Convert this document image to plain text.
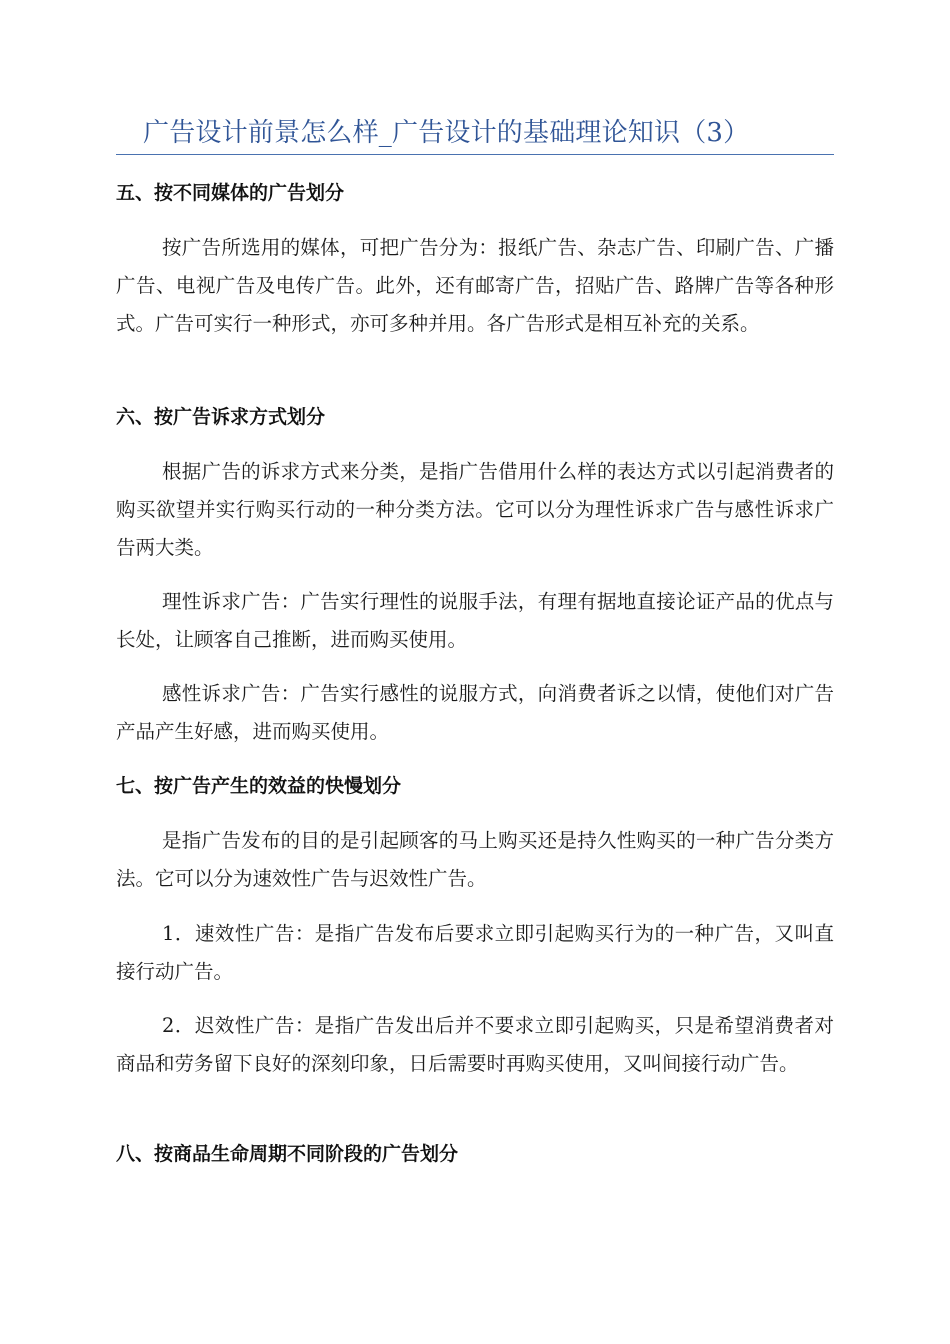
广告设计前景怎么样_广告设计的基础理论知识（3）
五、按不同媒体的广告划分
按广告所选用的媒体，可把广告分为：报纸广告、杂志广告、印刷广告、广播广告、电视广告及电传广告。此外，还有邮寄广告，招贴广告、路牌广告等各种形式。广告可实行一种形式，亦可多种并用。各广告形式是相互补充的关系。
六、按广告诉求方式划分
根据广告的诉求方式来分类，是指广告借用什么样的表达方式以引起消费者的购买欲望并实行购买行动的一种分类方法。它可以分为理性诉求广告与感性诉求广告两大类。
理性诉求广告：广告实行理性的说服手法，有理有据地直接论证产品的优点与长处，让顾客自己推断，进而购买使用。
感性诉求广告：广告实行感性的说服方式，向消费者诉之以情，使他们对广告产品产生好感，进而购买使用。
七、按广告产生的效益的快慢划分
是指广告发布的目的是引起顾客的马上购买还是持久性购买的一种广告分类方法。它可以分为速效性广告与迟效性广告。
1．速效性广告：是指广告发布后要求立即引起购买行为的一种广告，又叫直接行动广告。
2．迟效性广告：是指广告发出后并不要求立即引起购买，只是希望消费者对商品和劳务留下良好的深刻印象，日后需要时再购买使用，又叫间接行动广告。
八、按商品生命周期不同阶段的广告划分
